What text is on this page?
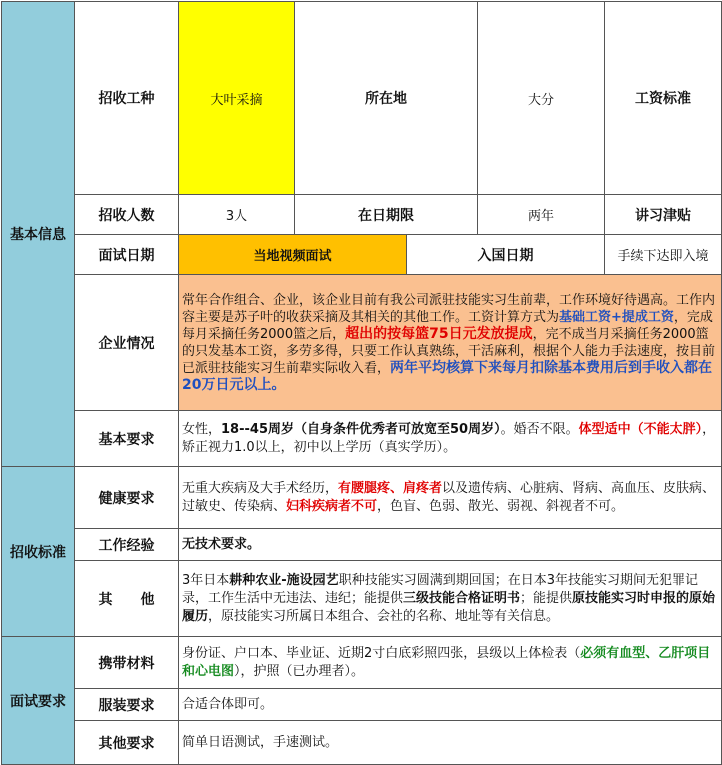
基本信息	招收工种	大叶采摘	所在地		大分	工资标准	
	招收人数	3人	在日期限		两年	讲习津贴	
	面试日期	当地视频面试		入国日期		手续下达即入境	
	企业情况	常年合作组合、企业，该企业目前有我公司派驻技能实习生前辈，工作环境好待遇高。工作内容主要是苏子叶的收获采摘及其相关的其他工作。工资计算方式为基础工资+提成工资，完成每月采摘任务2000篮之后，超出的按每篮75日元发放提成，完不成当月采摘任务2000篮的只发基本工资，多劳多得，只要工作认真熟练，干活麻利，根据个人能力手法速度，按目前已派驻技能实习生前辈实际收入看，两年平均核算下来每月扣除基本费用后到手收入都在20万日元以上。					
	基本要求	女性，18--45周岁（自身条件优秀者可放宽至50周岁）。婚否不限。体型适中（不能太胖），矫正视力1.0以上，初中以上学历（真实学历）。					
招收标准	健康要求	无重大疾病及大手术经历，有腰腿疼、肩疼者以及遗传病、心脏病、肾病、高血压、皮肤病、过敏史、传染病、妇科疾病者不可，色盲、色弱、散光、弱视、斜视者不可。					
	工作经验	无技术要求。					
	其　　他	3年日本耕种农业-施设园艺职种技能实习圆满到期回国；在日本3年技能实习期间无犯罪记录，工作生活中无违法、违纪；能提供三级技能合格证明书；能提供原技能实习时申报的原始履历，原技能实习所属日本组合、会社的名称、地址等有关信息。					

面试要求	携带材料	身份证、户口本、毕业证、近期2寸白底彩照四张，县级以上体检表（必须有血型、乙肝项目和心电图），护照（已办理者）。					
	服装要求	合适合体即可。					
	其他要求	简单日语测试，手速测试。					
